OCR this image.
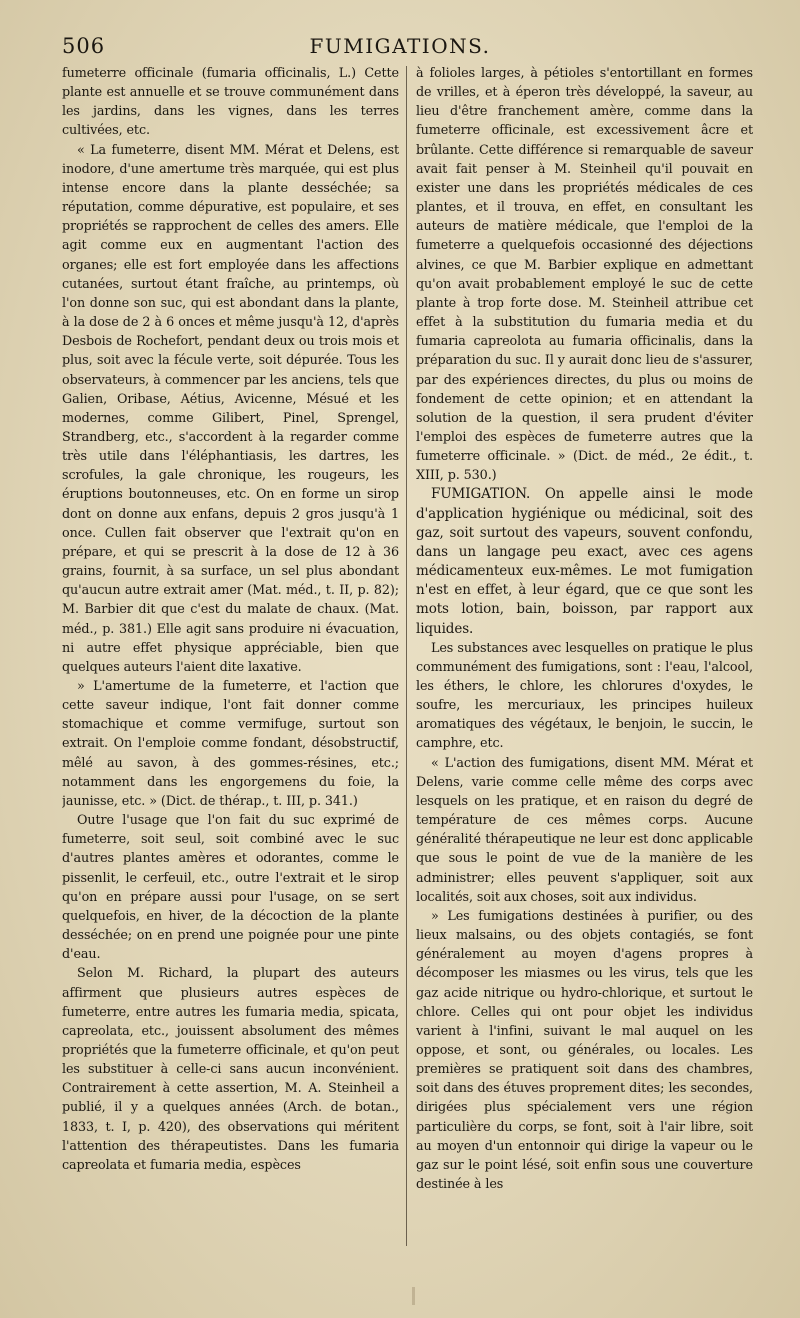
506	FUMIGATIONS.

fumeterre officinale (fumaria officinalis, L.) Cette plante est annuelle et se trouve communément dans les jardins, dans les vignes, dans les terres cultivées, etc.

« La fumeterre, disent MM. Mérat et Delens, est inodore, d'une amertume très marquée, qui est plus intense encore dans la plante desséchée; sa réputation, comme dépurative, est populaire, et ses propriétés se rapprochent de celles des amers. Elle agit comme eux en augmentant l'action des organes; elle est fort employée dans les affections cutanées, surtout étant fraîche, au printemps, où l'on donne son suc, qui est abondant dans la plante, à la dose de 2 à 6 onces et même jusqu'à 12, d'après Desbois de Rochefort, pendant deux ou trois mois et plus, soit avec la fécule verte, soit dépurée. Tous les observateurs, à commencer par les anciens, tels que Galien, Oribase, Aétius, Avicenne, Mésué et les modernes, comme Gilibert, Pinel, Sprengel, Strandberg, etc., s'accordent à la regarder comme très utile dans l'éléphantiasis, les dartres, les scrofules, la gale chronique, les rougeurs, les éruptions boutonneuses, etc. On en forme un sirop dont on donne aux enfans, depuis 2 gros jusqu'à 1 once. Cullen fait observer que l'extrait qu'on en prépare, et qui se prescrit à la dose de 12 à 36 grains, fournit, à sa surface, un sel plus abondant qu'aucun autre extrait amer (Mat. méd., t. II, p. 82); M. Barbier dit que c'est du malate de chaux. (Mat. méd., p. 381.) Elle agit sans produire ni évacuation, ni autre effet physique appréciable, bien que quelques auteurs l'aient dite laxative.

» L'amertume de la fumeterre, et l'action que cette saveur indique, l'ont fait donner comme stomachique et comme vermifuge, surtout son extrait. On l'emploie comme fondant, désobstructif, mêlé au savon, à des gommes-résines, etc.; notamment dans les engorgemens du foie, la jaunisse, etc. » (Dict. de thérap., t. III, p. 341.)

Outre l'usage que l'on fait du suc exprimé de fumeterre, soit seul, soit combiné avec le suc d'autres plantes amères et odorantes, comme le pissenlit, le cerfeuil, etc., outre l'extrait et le sirop qu'on en prépare aussi pour l'usage, on se sert quelquefois, en hiver, de la décoction de la plante desséchée; on en prend une poignée pour une pinte d'eau.

Selon M. Richard, la plupart des auteurs affirment que plusieurs autres espèces de fumeterre, entre autres les fumaria media, spicata, capreolata, etc., jouissent absolument des mêmes propriétés que la fumeterre officinale, et qu'on peut les substituer à celle-ci sans aucun inconvénient. Contrairement à cette assertion, M. A. Steinheil a publié, il y a quelques années (Arch. de botan., 1833, t. I, p. 420), des observations qui méritent l'attention des thérapeutistes. Dans les fumaria capreolata et fumaria media, espèces

à folioles larges, à pétioles s'entortillant en formes de vrilles, et à éperon très développé, la saveur, au lieu d'être franchement amère, comme dans la fumeterre officinale, est excessivement âcre et brûlante. Cette différence si remarquable de saveur avait fait penser à M. Steinheil qu'il pouvait en exister une dans les propriétés médicales de ces plantes, et il trouva, en effet, en consultant les auteurs de matière médicale, que l'emploi de la fumeterre a quelquefois occasionné des déjections alvines, ce que M. Barbier explique en admettant qu'on avait probablement employé le suc de cette plante à trop forte dose. M. Steinheil attribue cet effet à la substitution du fumaria media et du fumaria capreolota au fumaria officinalis, dans la préparation du suc. Il y aurait donc lieu de s'assurer, par des expériences directes, du plus ou moins de fondement de cette opinion; et en attendant la solution de la question, il sera prudent d'éviter l'emploi des espèces de fumeterre autres que la fumeterre officinale. » (Dict. de méd., 2e édit., t. XIII, p. 530.)

FUMIGATION. On appelle ainsi le mode d'application hygiénique ou médicinal, soit des gaz, soit surtout des vapeurs, souvent confondu, dans un langage peu exact, avec ces agens médicamenteux eux-mêmes. Le mot fumigation n'est en effet, à leur égard, que ce que sont les mots lotion, bain, boisson, par rapport aux liquides.

Les substances avec lesquelles on pratique le plus communément des fumigations, sont : l'eau, l'alcool, les éthers, le chlore, les chlorures d'oxydes, le soufre, les mercuriaux, les principes huileux aromatiques des végétaux, le benjoin, le succin, le camphre, etc.

« L'action des fumigations, disent MM. Mérat et Delens, varie comme celle même des corps avec lesquels on les pratique, et en raison du degré de température de ces mêmes corps. Aucune généralité thérapeutique ne leur est donc applicable que sous le point de vue de la manière de les administrer; elles peuvent s'appliquer, soit aux localités, soit aux choses, soit aux individus.

» Les fumigations destinées à purifier, ou des lieux malsains, ou des objets contagiés, se font généralement au moyen d'agens propres à décomposer les miasmes ou les virus, tels que les gaz acide nitrique ou hydro-chlorique, et surtout le chlore. Celles qui ont pour objet les individus varient à l'infini, suivant le mal auquel on les oppose, et sont, ou générales, ou locales. Les premières se pratiquent soit dans des chambres, soit dans des étuves proprement dites; les secondes, dirigées plus spécialement vers une région particulière du corps, se font, soit à l'air libre, soit au moyen d'un entonnoir qui dirige la vapeur ou le gaz sur le point lésé, soit enfin sous une couverture destinée à les
